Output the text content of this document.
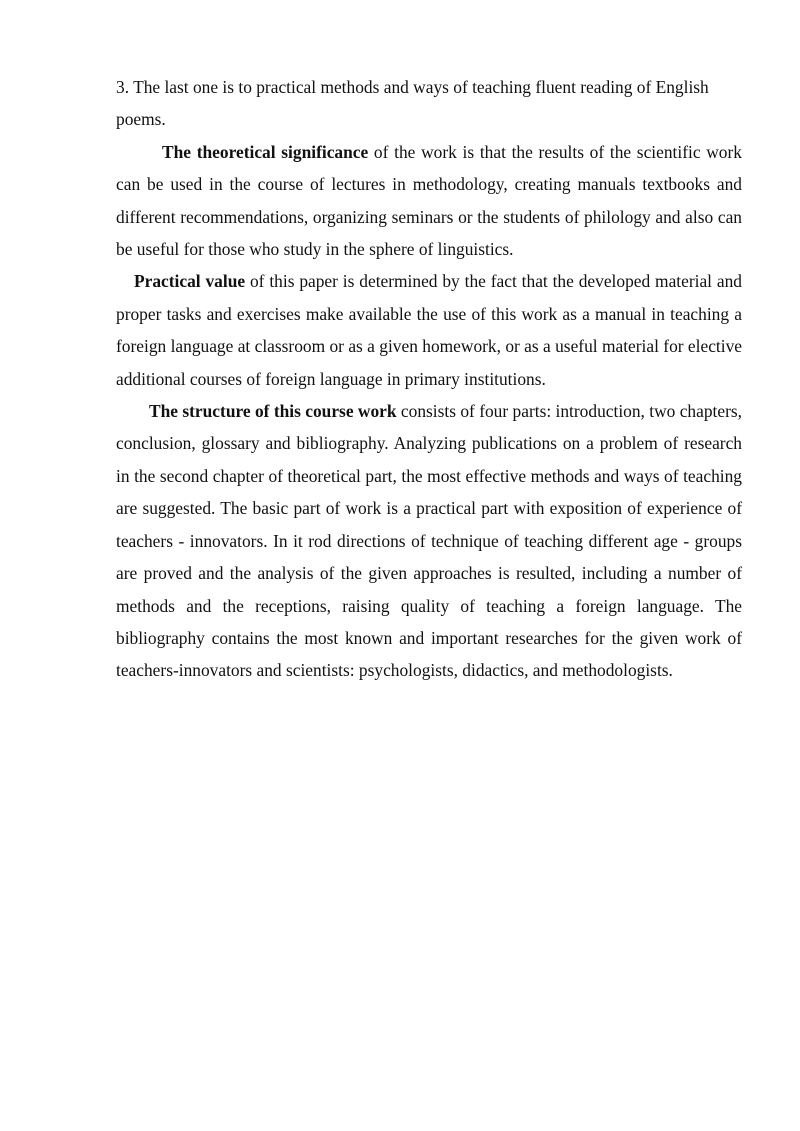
3. The last one is to practical methods and ways of teaching fluent reading of English poems.

The theoretical significance of the work is that the results of the scientific work can be used in the course of lectures in methodology, creating manuals textbooks and different recommendations, organizing seminars or the students of philology and also can be useful for those who study in the sphere of linguistics.

Practical value of this paper is determined by the fact that the developed material and proper tasks and exercises make available the use of this work as a manual in teaching a foreign language at classroom or as a given homework, or as a useful material for elective additional courses of foreign language in primary institutions.

The structure of this course work consists of four parts: introduction, two chapters, conclusion, glossary and bibliography. Analyzing publications on a problem of research in the second chapter of theoretical part, the most effective methods and ways of teaching are suggested. The basic part of work is a practical part with exposition of experience of teachers - innovators. In it rod directions of technique of teaching different age - groups are proved and the analysis of the given approaches is resulted, including a number of methods and the receptions, raising quality of teaching a foreign language. The bibliography contains the most known and important researches for the given work of teachers-innovators and scientists: psychologists, didactics, and methodologists.
